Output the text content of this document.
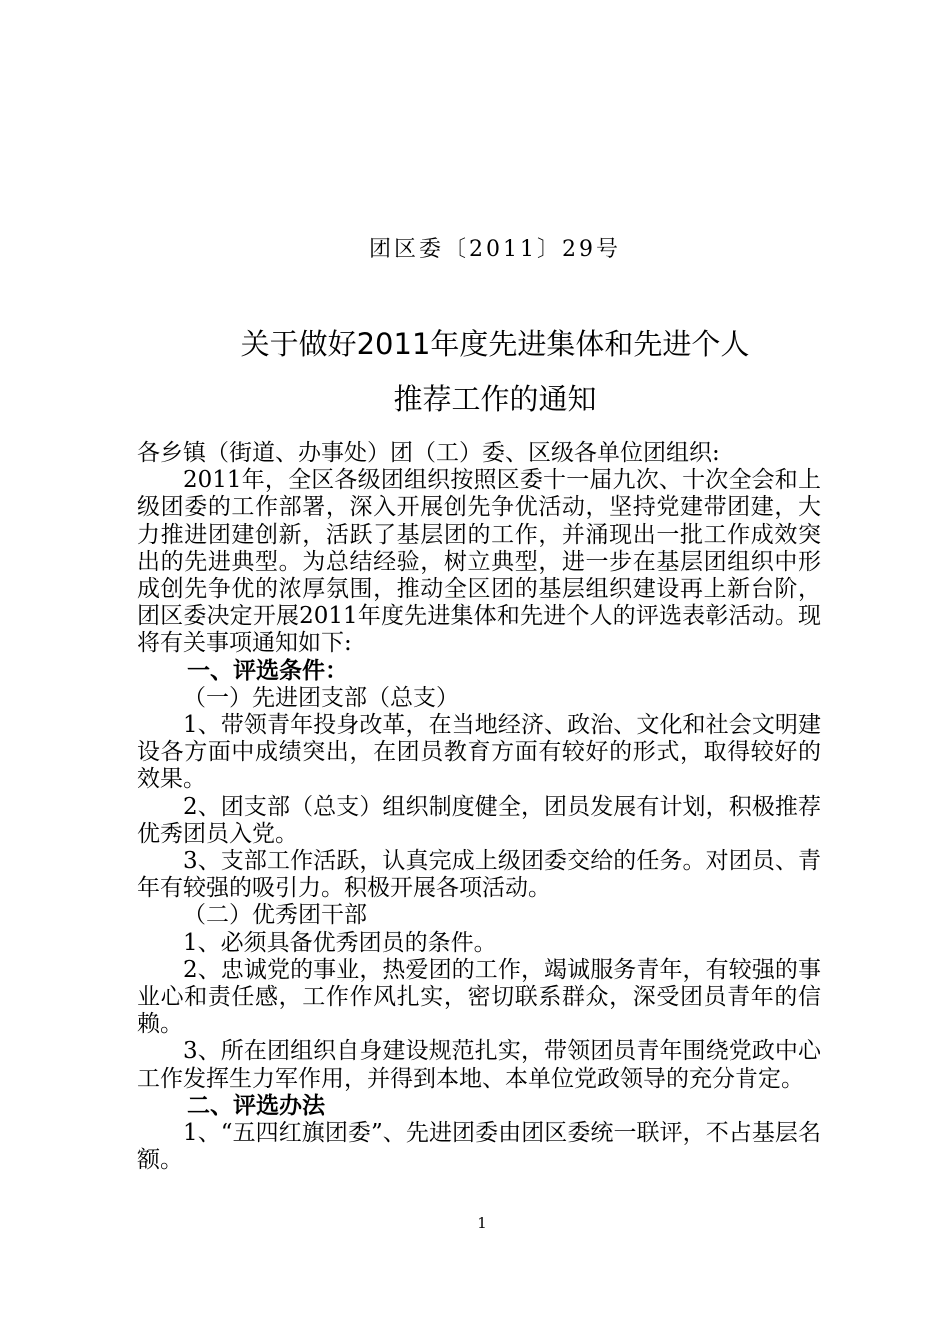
团区委〔2011〕29号
关于做好2011年度先进集体和先进个人
推荐工作的通知

各乡镇（街道、办事处）团（工）委、区级各单位团组织:

2011年，全区各级团组织按照区委十一届九次、十次全会和上级团委的工作部署，深入开展创先争优活动，坚持党建带团建，大力推进团建创新，活跃了基层团的工作，并涌现出一批工作成效突出的先进典型。为总结经验，树立典型，进一步在基层团组织中形成创先争优的浓厚氛围，推动全区团的基层组织建设再上新台阶，团区委决定开展2011年度先进集体和先进个人的评选表彰活动。现将有关事项通知如下:

一、评选条件：

（一）先进团支部（总支）

1、带领青年投身改革，在当地经济、政治、文化和社会文明建设各方面中成绩突出，在团员教育方面有较好的形式，取得较好的效果。

2、团支部（总支）组织制度健全，团员发展有计划，积极推荐优秀团员入党。

3、支部工作活跃，认真完成上级团委交给的任务。对团员、青年有较强的吸引力。积极开展各项活动。

（二）优秀团干部

1、必须具备优秀团员的条件。

2、忠诚党的事业，热爱团的工作，竭诚服务青年，有较强的事业心和责任感，工作作风扎实，密切联系群众，深受团员青年的信赖。

3、所在团组织自身建设规范扎实，带领团员青年围绕党政中心工作发挥生力军作用，并得到本地、本单位党政领导的充分肯定。

二、评选办法

1、“五四红旗团委”、先进团委由团区委统一联评，不占基层名额。

1
